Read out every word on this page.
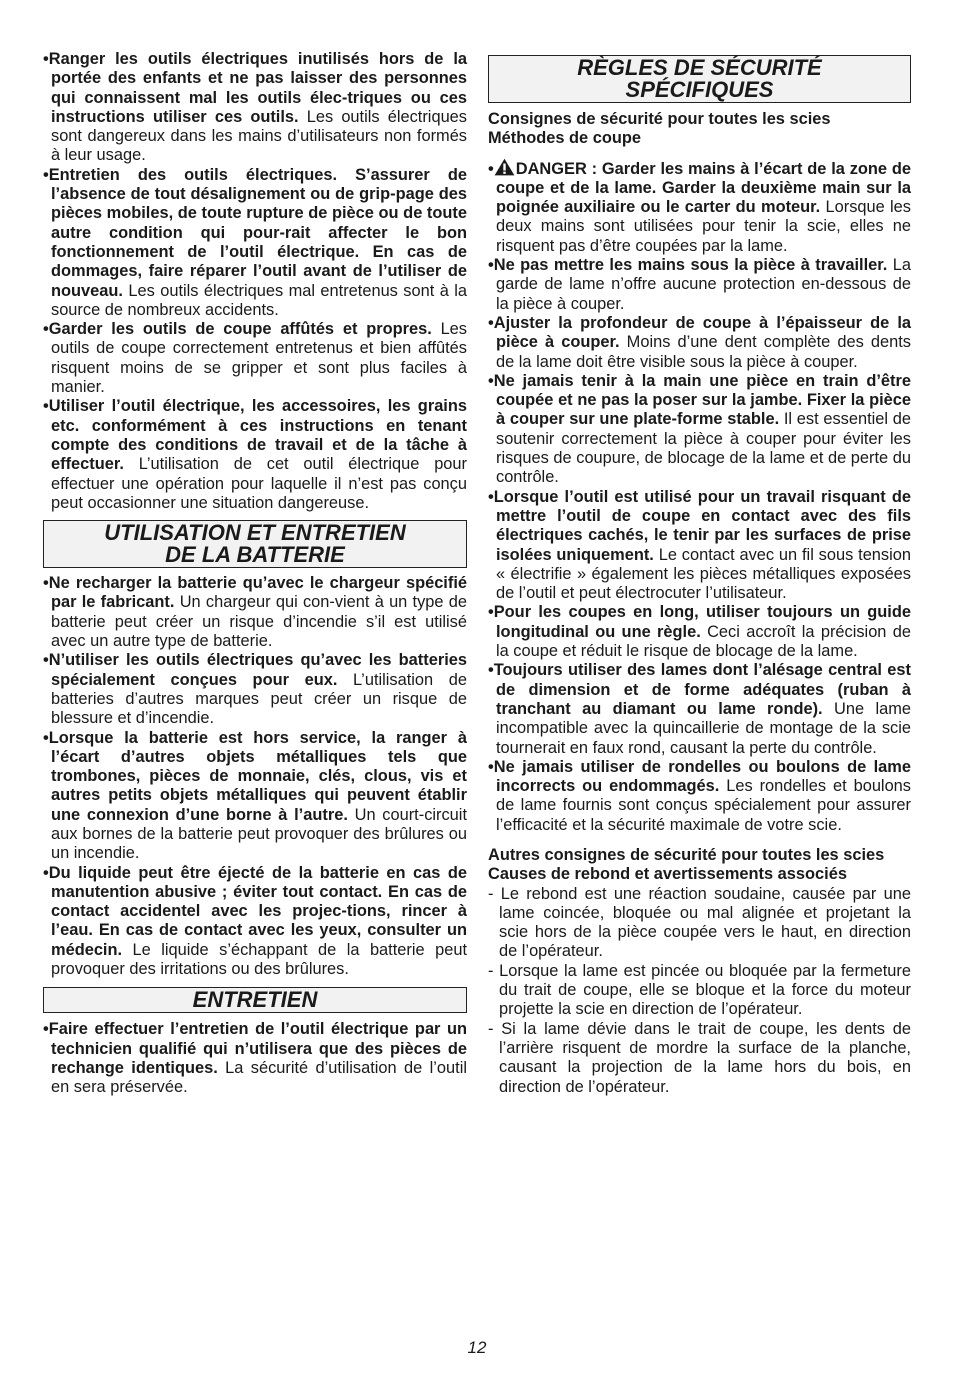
•Ranger les outils électriques inutilisés hors de la portée des enfants et ne pas laisser des personnes qui connaissent mal les outils élec-triques ou ces instructions utiliser ces outils. Les outils électriques sont dangereux dans les mains d’utilisateurs non formés à leur usage.

•Entretien des outils électriques. S’assurer de l’absence de tout désalignement ou de grip-page des pièces mobiles, de toute rupture de pièce ou de toute autre condition qui pour-rait affecter le bon fonctionnement de l’outil électrique. En cas de dommages, faire réparer l’outil avant de l’utiliser de nouveau. Les outils électriques mal entretenus sont à la source de nombreux accidents.

•Garder les outils de coupe affûtés et propres. Les outils de coupe correctement entretenus et bien affûtés risquent moins de se gripper et sont plus faciles à manier.

•Utiliser l’outil électrique, les accessoires, les grains etc. conformément à ces instructions en tenant compte des conditions de travail et de la tâche à effectuer. L’utilisation de cet outil électrique pour effectuer une opération pour laquelle il n’est pas conçu peut occasionner une situation dangereuse.

UTILISATION ET ENTRETIEN
DE LA BATTERIE

•Ne recharger la batterie qu’avec le chargeur spécifié par le fabricant. Un chargeur qui con-vient à un type de batterie peut créer un risque d’incendie s’il est utilisé avec un autre type de batterie.

•N’utiliser les outils électriques qu’avec les batteries spécialement conçues pour eux. L’utilisation de batteries d’autres marques peut créer un risque de blessure et d’incendie.

•Lorsque la batterie est hors service, la ranger à l’écart d’autres objets métalliques tels que trombones, pièces de monnaie, clés, clous, vis et autres petits objets métalliques qui peuvent établir une connexion d’une borne à l’autre. Un court-circuit aux bornes de la batterie peut provoquer des brûlures ou un incendie.

•Du liquide peut être éjecté de la batterie en cas de manutention abusive ; éviter tout contact. En cas de contact accidentel avec les projec-tions, rincer à l’eau. En cas de contact avec les yeux, consulter un médecin. Le liquide s’échappant de la batterie peut provoquer des irritations ou des brûlures.

ENTRETIEN

•Faire effectuer l’entretien de l’outil électrique par un technicien qualifié qui n’utilisera que des pièces de rechange identiques. La sécurité d’utilisation de l’outil en sera préservée.

RÈGLES DE SÉCURITÉ
SPÉCIFIQUES
Consignes de sécurité pour toutes les scies
Méthodes de coupe

• DANGER : Garder les mains à l’écart de la zone de coupe et de la lame. Garder la deuxième main sur la poignée auxiliaire ou le carter du moteur. Lorsque les deux mains sont utilisées pour tenir la scie, elles ne risquent pas d’être coupées par la lame.

•Ne pas mettre les mains sous la pièce à travailler. La garde de lame n’offre aucune protection en-dessous de la pièce à couper.

•Ajuster la profondeur de coupe à l’épaisseur de la pièce à couper. Moins d’une dent complète des dents de la lame doit être visible sous la pièce à couper.

•Ne jamais tenir à la main une pièce en train d’être coupée et ne pas la poser sur la jambe. Fixer la pièce à couper sur une plate-forme stable. Il est essentiel de soutenir correctement la pièce à couper pour éviter les risques de coupure, de blocage de la lame et de perte du contrôle.

•Lorsque l’outil est utilisé pour un travail risquant de mettre l’outil de coupe en contact avec des fils électriques cachés, le tenir par les surfaces de prise isolées uniquement. Le contact avec un fil sous tension « électrifie » également les pièces métalliques exposées de l’outil et peut électrocuter l’utilisateur.

•Pour les coupes en long, utiliser toujours un guide longitudinal ou une règle. Ceci accroît la précision de la coupe et réduit le risque de blocage de la lame.

•Toujours utiliser des lames dont l’alésage central est de dimension et de forme adéquates (ruban à tranchant au diamant ou lame ronde). Une lame incompatible avec la quincaillerie de montage de la scie tournerait en faux rond, causant la perte du contrôle.

•Ne jamais utiliser de rondelles ou boulons de lame incorrects ou endommagés. Les rondelles et boulons de lame fournis sont conçus spécialement pour assurer l’efficacité et la sécurité maximale de votre scie.

Autres consignes de sécurité pour toutes les scies
Causes de rebond et avertissements associés

- Le rebond est une réaction soudaine, causée par une lame coincée, bloquée ou mal alignée et projetant la scie hors de la pièce coupée vers le haut, en direction de l’opérateur.

- Lorsque la lame est pincée ou bloquée par la fermeture du trait de coupe, elle se bloque et la force du moteur projette la scie en direction de l’opérateur.

- Si la lame dévie dans le trait de coupe, les dents de l’arrière risquent de mordre la surface de la planche, causant la projection de la lame hors du bois, en direction de l’opérateur.

12
